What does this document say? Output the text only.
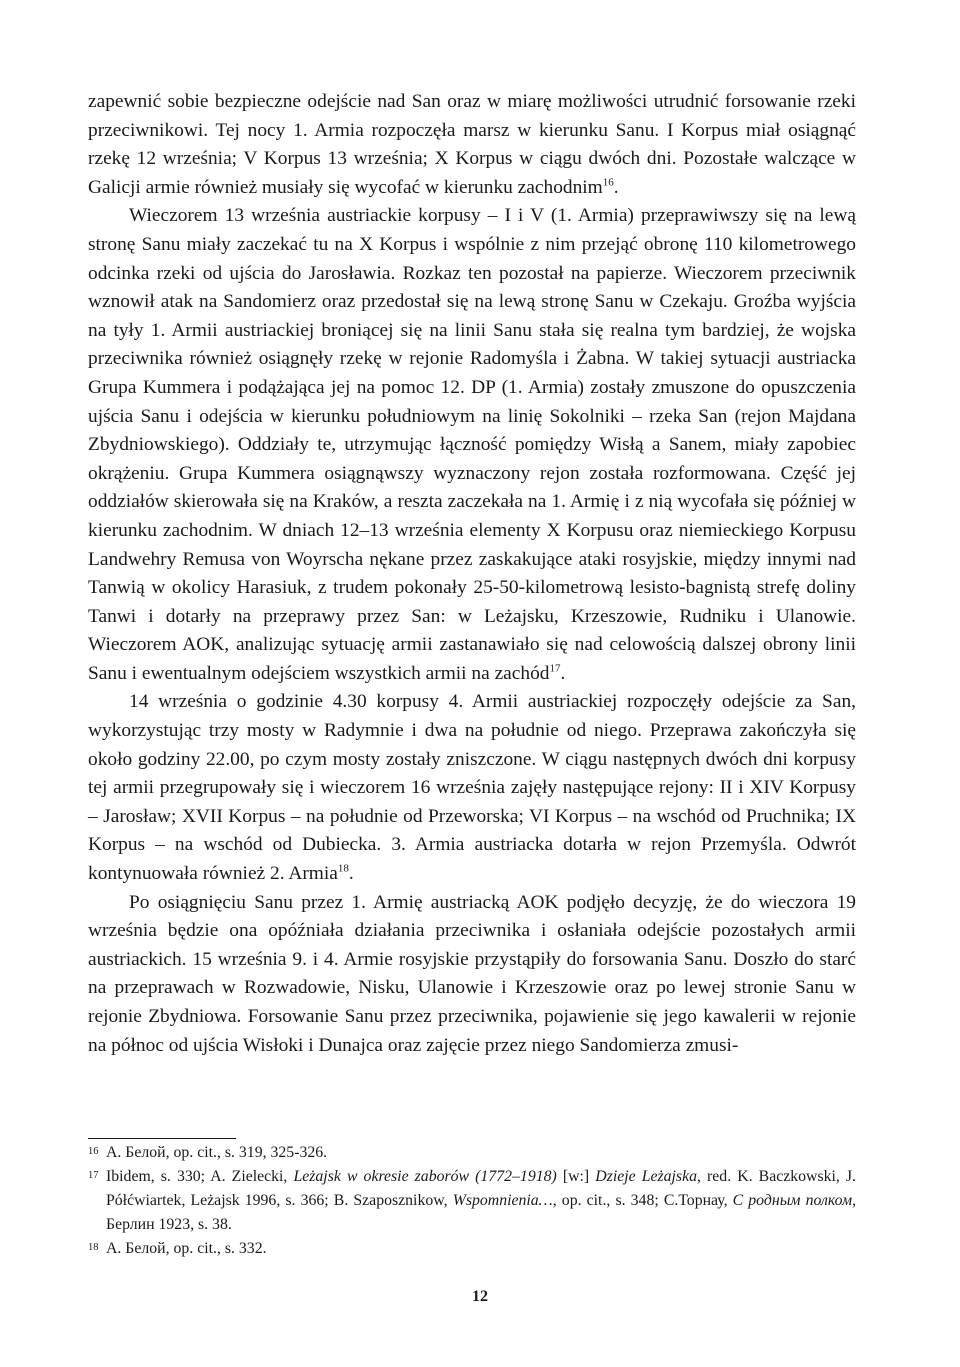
zapewnić sobie bezpieczne odejście nad San oraz w miarę możliwości utrudnić forsowanie rzeki przeciwnikowi. Tej nocy 1. Armia rozpoczęła marsz w kierunku Sanu. I Korpus miał osiągnąć rzekę 12 września; V Korpus 13 września; X Korpus w ciągu dwóch dni. Pozostałe walczące w Galicji armie również musiały się wycofać w kierunku zachodnim$^{16}$.

Wieczorem 13 września austriackie korpusy – I i V (1. Armia) przeprawiwszy się na lewą stronę Sanu miały zaczekać tu na X Korpus i wspólnie z nim przejąć obronę 110 kilometrowego odcinka rzeki od ujścia do Jarosławia. Rozkaz ten pozostał na papierze. Wieczorem przeciwnik wznowił atak na Sandomierz oraz przedostał się na lewą stronę Sanu w Czekaju. Groźba wyjścia na tyły 1. Armii austriackiej broniącej się na linii Sanu stała się realna tym bardziej, że wojska przeciwnika również osiągnęły rzekę w rejonie Radomyśla i Żabna. W takiej sytuacji austriacka Grupa Kummera i podążająca jej na pomoc 12. DP (1. Armia) zostały zmuszone do opuszczenia ujścia Sanu i odejścia w kierunku południowym na linię Sokolniki – rzeka San (rejon Majdana Zbydniowskiego). Oddziały te, utrzymując łączność pomiędzy Wisłą a Sanem, miały zapobiec okrążeniu. Grupa Kummera osiągnąwszy wyznaczony rejon została rozformowana. Część jej oddziałów skierowała się na Kraków, a reszta zaczekała na 1. Armię i z nią wycofała się później w kierunku zachodnim. W dniach 12–13 września elementy X Korpusu oraz niemieckiego Korpusu Landwehry Remusa von Woyrscha nękane przez zaskakujące ataki rosyjskie, między innymi nad Tanwią w okolicy Harasiuk, z trudem pokonały 25-50-kilometrową lesisto-bagnistą strefę doliny Tanwi i dotarły na przeprawy przez San: w Leżajsku, Krzeszowie, Rudniku i Ulanowie. Wieczorem AOK, analizując sytuację armii zastanawiało się nad celowością dalszej obrony linii Sanu i ewentualnym odejściem wszystkich armii na zachód$^{17}$.

14 września o godzinie 4.30 korpusy 4. Armii austriackiej rozpoczęły odejście za San, wykorzystując trzy mosty w Radymnie i dwa na południe od niego. Przeprawa zakończyła się około godziny 22.00, po czym mosty zostały zniszczone. W ciągu następnych dwóch dni korpusy tej armii przegrupowały się i wieczorem 16 września zajęły następujące rejony: II i XIV Korpusy – Jarosław; XVII Korpus – na południe od Przeworska; VI Korpus – na wschód od Pruchnika; IX Korpus – na wschód od Dubiecka. 3. Armia austriacka dotarła w rejon Przemyśla. Odwrót kontynuowała również 2. Armia$^{18}$.

Po osiągnięciu Sanu przez 1. Armię austriacką AOK podjęło decyzję, że do wieczora 19 września będzie ona opóźniała działania przeciwnika i osłaniała odejście pozostałych armii austriackich. 15 września 9. i 4. Armie rosyjskie przystąpiły do forsowania Sanu. Doszło do starć na przeprawach w Rozwadowie, Nisku, Ulanowie i Krzeszowie oraz po lewej stronie Sanu w rejonie Zbydniowa. Forsowanie Sanu przez przeciwnika, pojawienie się jego kawalerii w rejonie na północ od ujścia Wisłoki i Dunajca oraz zajęcie przez niego Sandomierza zmusi-

16 А. Белой, op. cit., s. 319, 325-326.

17 Ibidem, s. 330; A. Zielecki, Leżajsk w okresie zaborów (1772–1918) [w:] Dzieje Leżajska, red. K. Baczkowski, J. Półćwiartek, Leżajsk 1996, s. 366; B. Szaposznikow, Wspomnienia…, op. cit., s. 348; С.Торнау, С родным полком, Берлин 1923, s. 38.

18 А. Белой, op. cit., s. 332.

12
